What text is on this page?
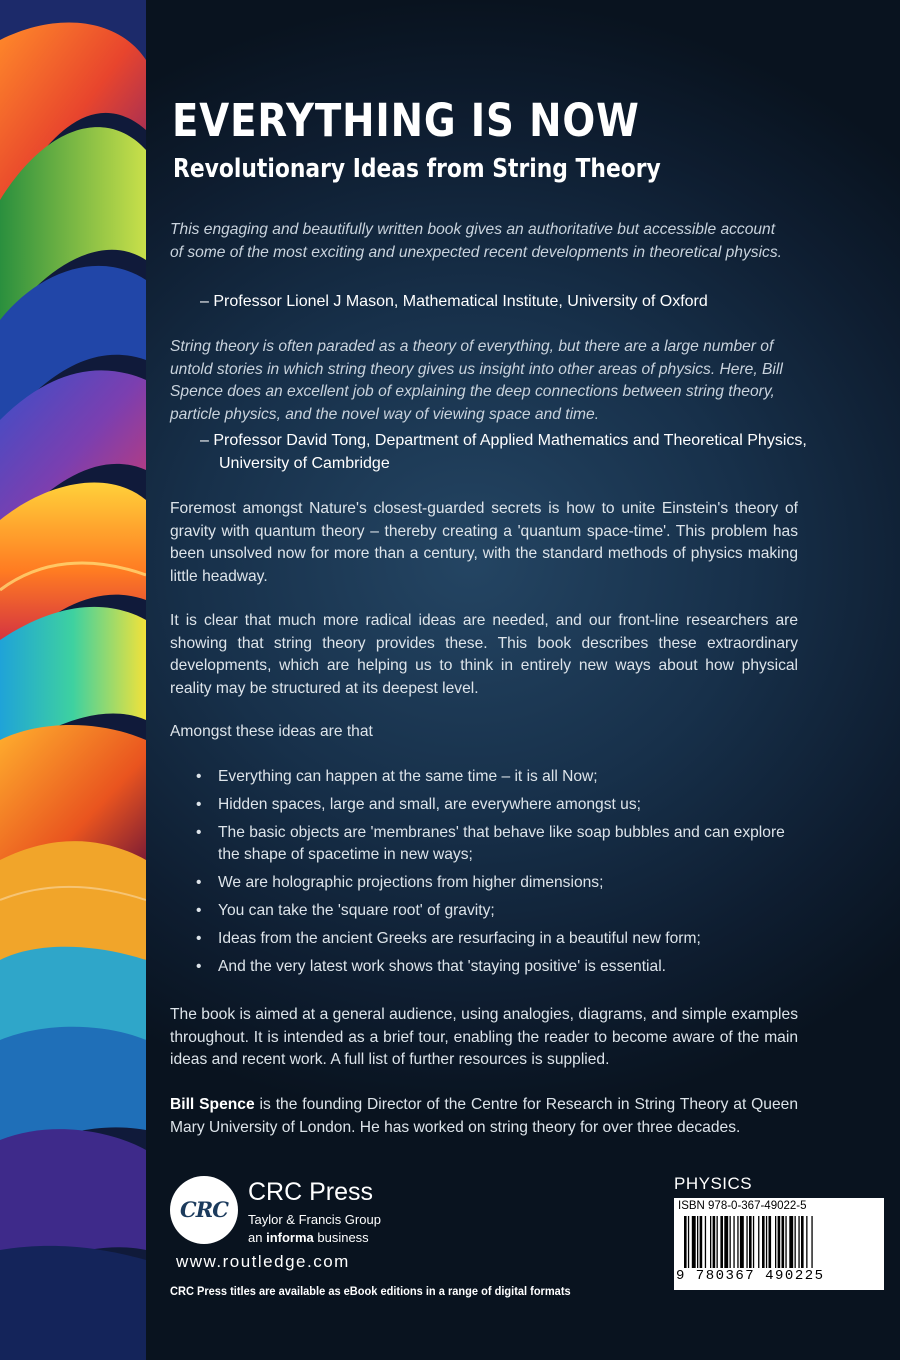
EVERYTHING IS NOW
Revolutionary Ideas from String Theory

This engaging and beautifully written book gives an authoritative but accessible account of some of the most exciting and unexpected recent developments in theoretical physics.

– Professor Lionel J Mason, Mathematical Institute, University of Oxford

String theory is often paraded as a theory of everything, but there are a large number of untold stories in which string theory gives us insight into other areas of physics. Here, Bill Spence does an excellent job of explaining the deep connections between string theory, particle physics, and the novel way of viewing space and time.

– Professor David Tong, Department of Applied Mathematics and Theoretical Physics, University of Cambridge

Foremost amongst Nature's closest-guarded secrets is how to unite Einstein's theory of gravity with quantum theory – thereby creating a 'quantum space-time'. This problem has been unsolved now for more than a century, with the standard methods of physics making little headway.

It is clear that much more radical ideas are needed, and our front-line researchers are showing that string theory provides these. This book describes these extraordinary developments, which are helping us to think in entirely new ways about how physical reality may be structured at its deepest level.

Amongst these ideas are that

• Everything can happen at the same time – it is all Now;
• Hidden spaces, large and small, are everywhere amongst us;
• The basic objects are 'membranes' that behave like soap bubbles and can explore the shape of spacetime in new ways;
• We are holographic projections from higher dimensions;
• You can take the 'square root' of gravity;
• Ideas from the ancient Greeks are resurfacing in a beautiful new form;
• And the very latest work shows that 'staying positive' is essential.

The book is aimed at a general audience, using analogies, diagrams, and simple examples throughout. It is intended as a brief tour, enabling the reader to become aware of the main ideas and recent work. A full list of further resources is supplied.

Bill Spence is the founding Director of the Centre for Research in String Theory at Queen Mary University of London. He has worked on string theory for over three decades.

CRC
CRC Press
Taylor & Francis Group
an informa business
www.routledge.com
CRC Press titles are available as eBook editions in a range of digital formats
PHYSICS
ISBN 978-0-367-49022-5
9 780367 490225
